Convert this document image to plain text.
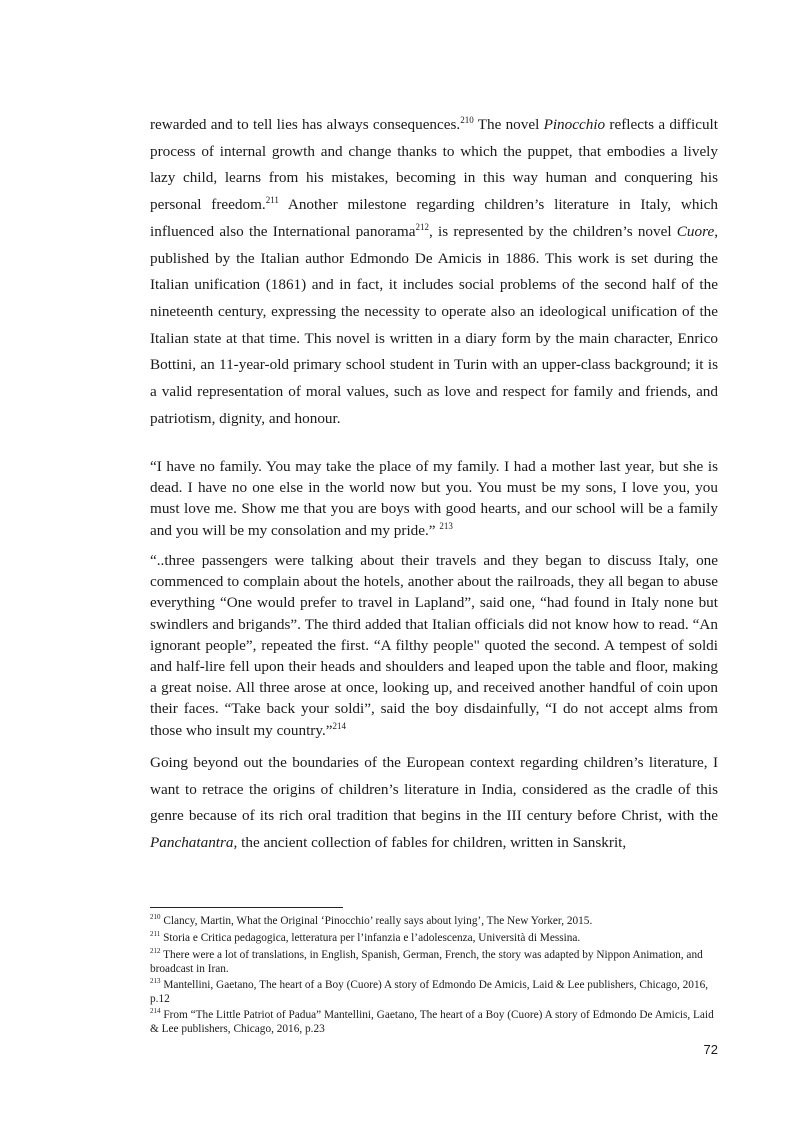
rewarded and to tell lies has always consequences.$^{210}$ The novel Pinocchio reflects a difficult process of internal growth and change thanks to which the puppet, that embodies a lively lazy child, learns from his mistakes, becoming in this way human and conquering his personal freedom.$^{211}$ Another milestone regarding children’s literature in Italy, which influenced also the International panorama$^{212}$, is represented by the children’s novel Cuore, published by the Italian author Edmondo De Amicis in 1886. This work is set during the Italian unification (1861) and in fact, it includes social problems of the second half of the nineteenth century, expressing the necessity to operate also an ideological unification of the Italian state at that time. This novel is written in a diary form by the main character, Enrico Bottini, an 11-year-old primary school student in Turin with an upper-class background; it is a valid representation of moral values, such as love and respect for family and friends, and patriotism, dignity, and honour.

“I have no family. You may take the place of my family. I had a mother last year, but she is dead. I have no one else in the world now but you. You must be my sons, I love you, you must love me. Show me that you are boys with good hearts, and our school will be a family and you will be my consolation and my pride.” $^{213}$

“..three passengers were talking about their travels and they began to discuss Italy, one commenced to complain about the hotels, another about the railroads, they all began to abuse everything “One would prefer to travel in Lapland”, said one, “had found in Italy none but swindlers and brigands”. The third added that Italian officials did not know how to read. “An ignorant people”, repeated the first. “A filthy people" quoted the second. A tempest of soldi and half-lire fell upon their heads and shoulders and leaped upon the table and floor, making a great noise. All three arose at once, looking up, and received another handful of coin upon their faces. “Take back your soldi”, said the boy disdainfully, “I do not accept alms from those who insult my country.”$^{214}$

Going beyond out the boundaries of the European context regarding children’s literature, I want to retrace the origins of children’s literature in India, considered as the cradle of this genre because of its rich oral tradition that begins in the III century before Christ, with the Panchatantra, the ancient collection of fables for children, written in Sanskrit,

$^{210}$ Clancy, Martin, What the Original ‘Pinocchio’ really says about lying’, The New Yorker, 2015.

$^{211}$ Storia e Critica pedagogica, letteratura per l’infanzia e l’adolescenza, Università di Messina.

$^{212}$ There were a lot of translations, in English, Spanish, German, French, the story was adapted by Nippon Animation, and broadcast in Iran.

$^{213}$ Mantellini, Gaetano, The heart of a Boy (Cuore) A story of Edmondo De Amicis, Laid & Lee publishers, Chicago, 2016, p.12

$^{214}$ From “The Little Patriot of Padua” Mantellini, Gaetano, The heart of a Boy (Cuore) A story of Edmondo De Amicis, Laid & Lee publishers, Chicago, 2016, p.23

72
